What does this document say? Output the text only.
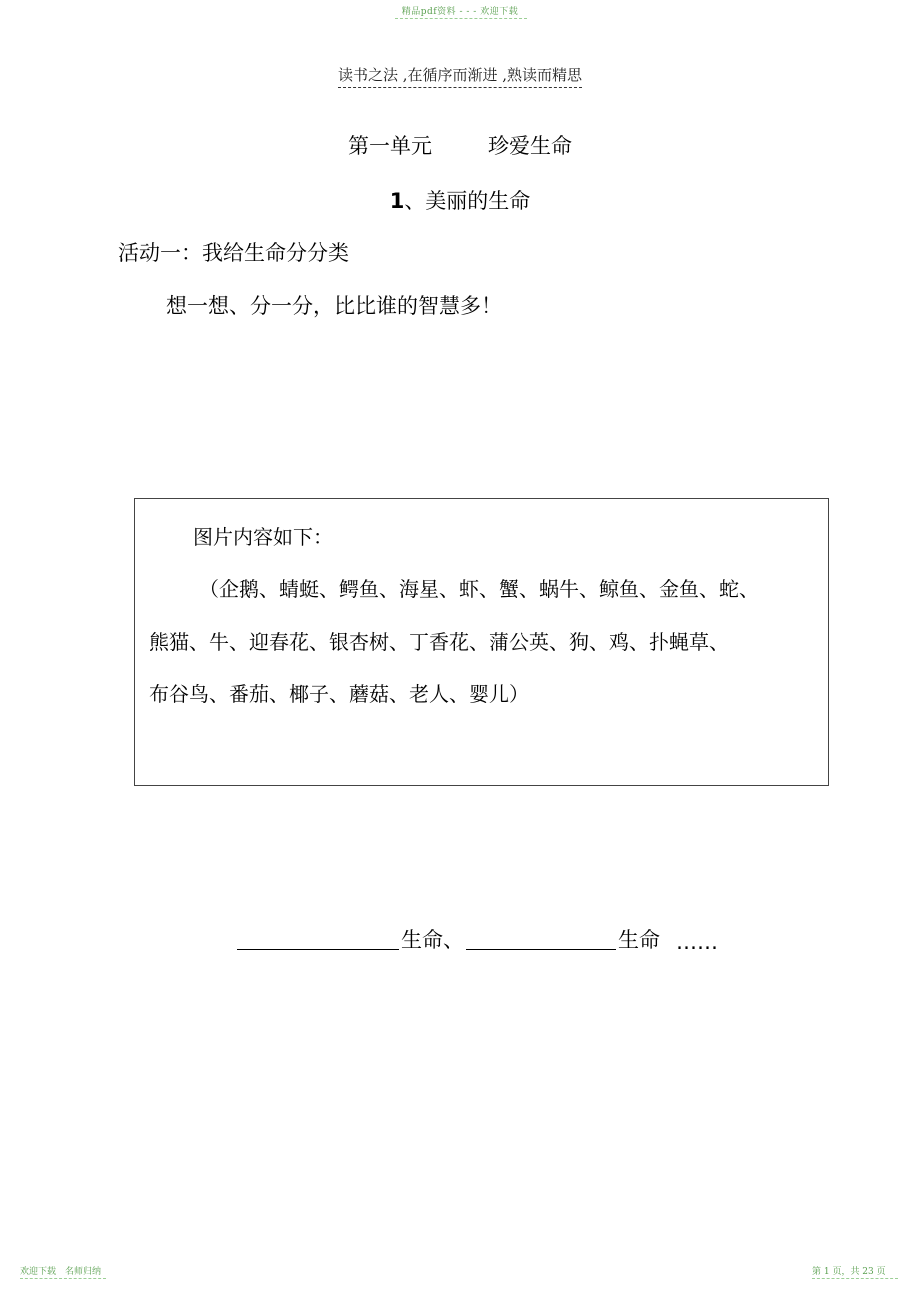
精品pdf资料 - - - 欢迎下载
读书之法 ,在循序而渐进 ,熟读而精思
第一单元	珍爱生命
1、美丽的生命
活动一：我给生命分分类
想一想、分一分，比比谁的智慧多！
图片内容如下：
（企鹅、蜻蜓、鳄鱼、海星、虾、蟹、蜗牛、鲸鱼、金鱼、蛇、
熊猫、牛、迎春花、银杏树、丁香花、蒲公英、狗、鸡、扑蝇草、
布谷鸟、番茄、椰子、蘑菇、老人、婴儿）
生命、	生命 ……
欢迎下载　名师归纳	第 1 页，共 23 页
